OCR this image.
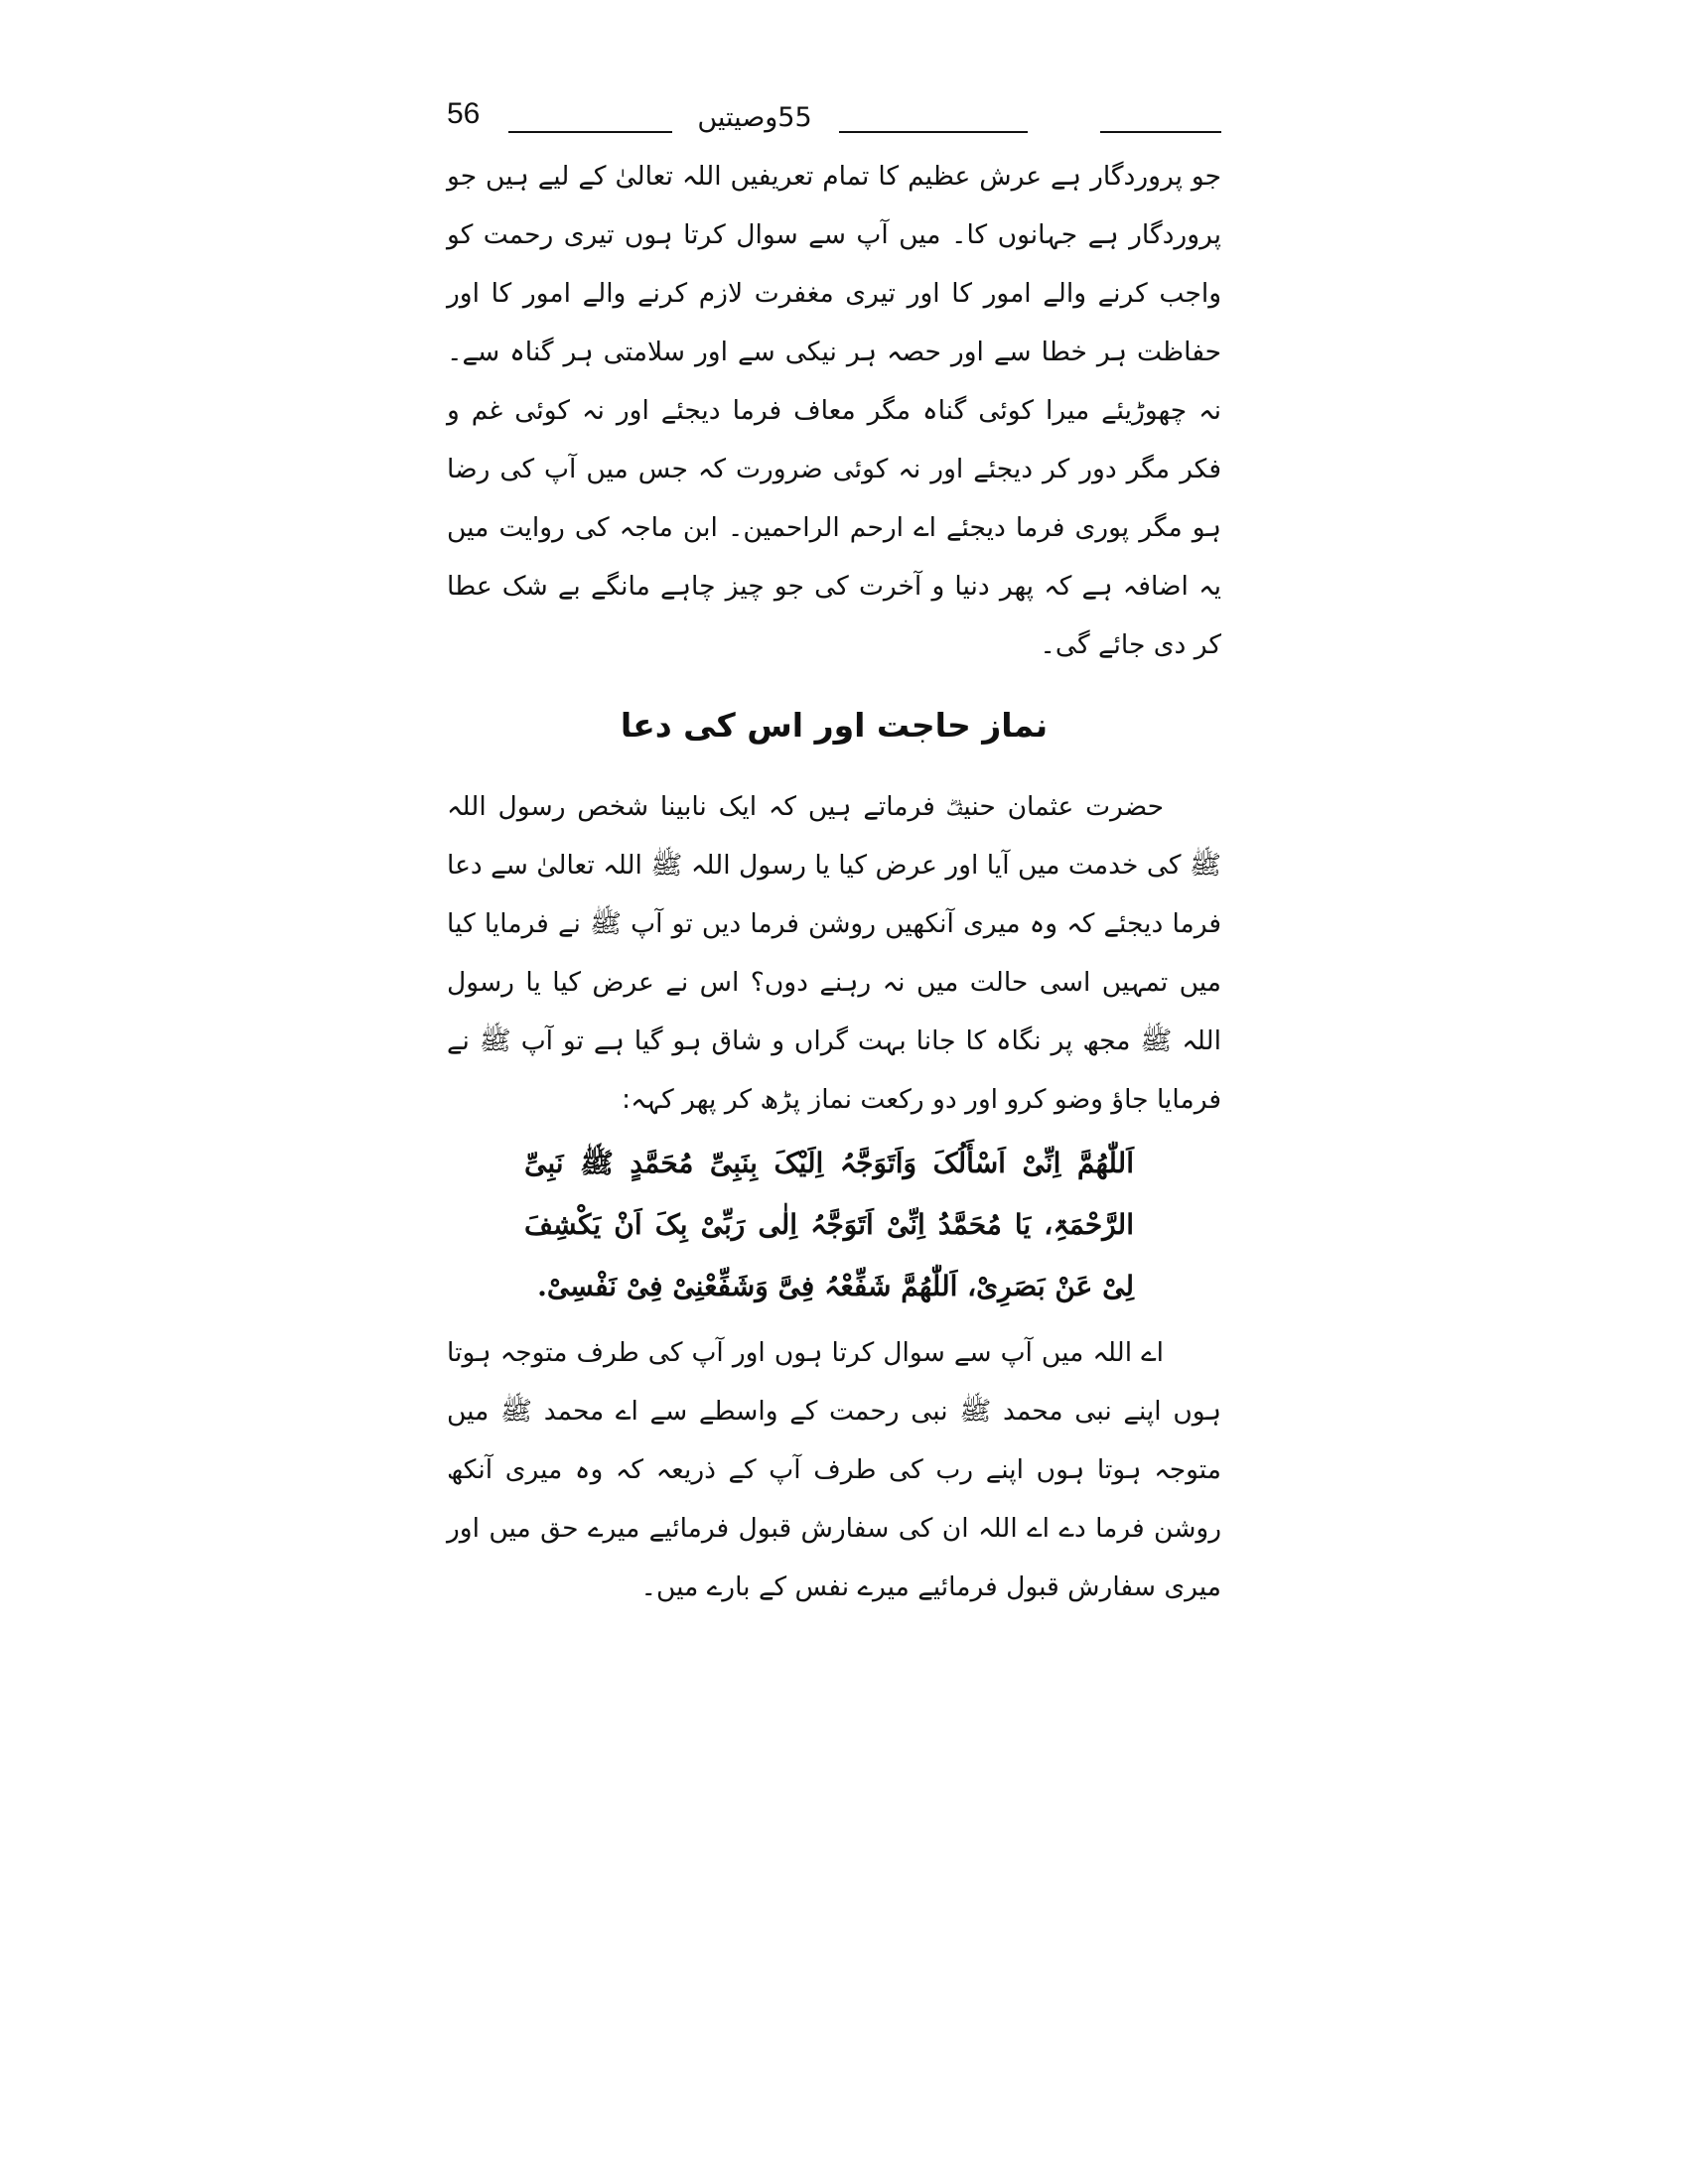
56	55وصیتیں

جو پروردگار ہے عرش عظیم کا تمام تعریفیں اللہ تعالیٰ کے لیے ہیں جو پروردگار ہے جہانوں کا۔ میں آپ سے سوال کرتا ہوں تیری رحمت کو واجب کرنے والے امور کا اور تیری مغفرت لازم کرنے والے امور کا اور حفاظت ہر خطا سے اور حصہ ہر نیکی سے اور سلامتی ہر گناہ سے۔ نہ چھوڑیئے میرا کوئی گناہ مگر معاف فرما دیجئے اور نہ کوئی غم و فکر مگر دور کر دیجئے اور نہ کوئی ضرورت کہ جس میں آپ کی رضا ہو مگر پوری فرما دیجئے اے ارحم الراحمین۔ ابن ماجہ کی روایت میں یہ اضافہ ہے کہ پھر دنیا و آخرت کی جو چیز چاہے مانگے بے شک عطا کر دی جائے گی۔

نماز حاجت اور اس کی دعا

حضرت عثمان حنیفؓ فرماتے ہیں کہ ایک نابینا شخص رسول اللہ ﷺ کی خدمت میں آیا اور عرض کیا یا رسول اللہ ﷺ اللہ تعالیٰ سے دعا فرما دیجئے کہ وہ میری آنکھیں روشن فرما دیں تو آپ ﷺ نے فرمایا کیا میں تمہیں اسی حالت میں نہ رہنے دوں؟ اس نے عرض کیا یا رسول اللہ ﷺ مجھ پر نگاہ کا جانا بہت گراں و شاق ہو گیا ہے تو آپ ﷺ نے فرمایا جاؤ وضو کرو اور دو رکعت نماز پڑھ کر پھر کہہ:

اَللّٰھُمَّ اِنِّیْ اَسْأَلُکَ وَاَتَوَجَّہُ اِلَیْکَ بِنَبِیِّ مُحَمَّدٍ ﷺ نَبِیِّ الرَّحْمَۃِ، یَا مُحَمَّدُ اِنِّیْ اَتَوَجَّہُ اِلٰی رَبِّیْ بِکَ اَنْ یَکْشِفَ لِیْ عَنْ بَصَرِیْ، اَللّٰھُمَّ شَفِّعْہُ فِیَّ وَشَفِّعْنِیْ فِیْ نَفْسِیْ.

اے اللہ میں آپ سے سوال کرتا ہوں اور آپ کی طرف متوجہ ہوتا ہوں اپنے نبی محمد ﷺ نبی رحمت کے واسطے سے اے محمد ﷺ میں متوجہ ہوتا ہوں اپنے رب کی طرف آپ کے ذریعہ کہ وہ میری آنکھ روشن فرما دے اے اللہ ان کی سفارش قبول فرمائیے میرے حق میں اور میری سفارش قبول فرمائیے میرے نفس کے بارے میں۔
